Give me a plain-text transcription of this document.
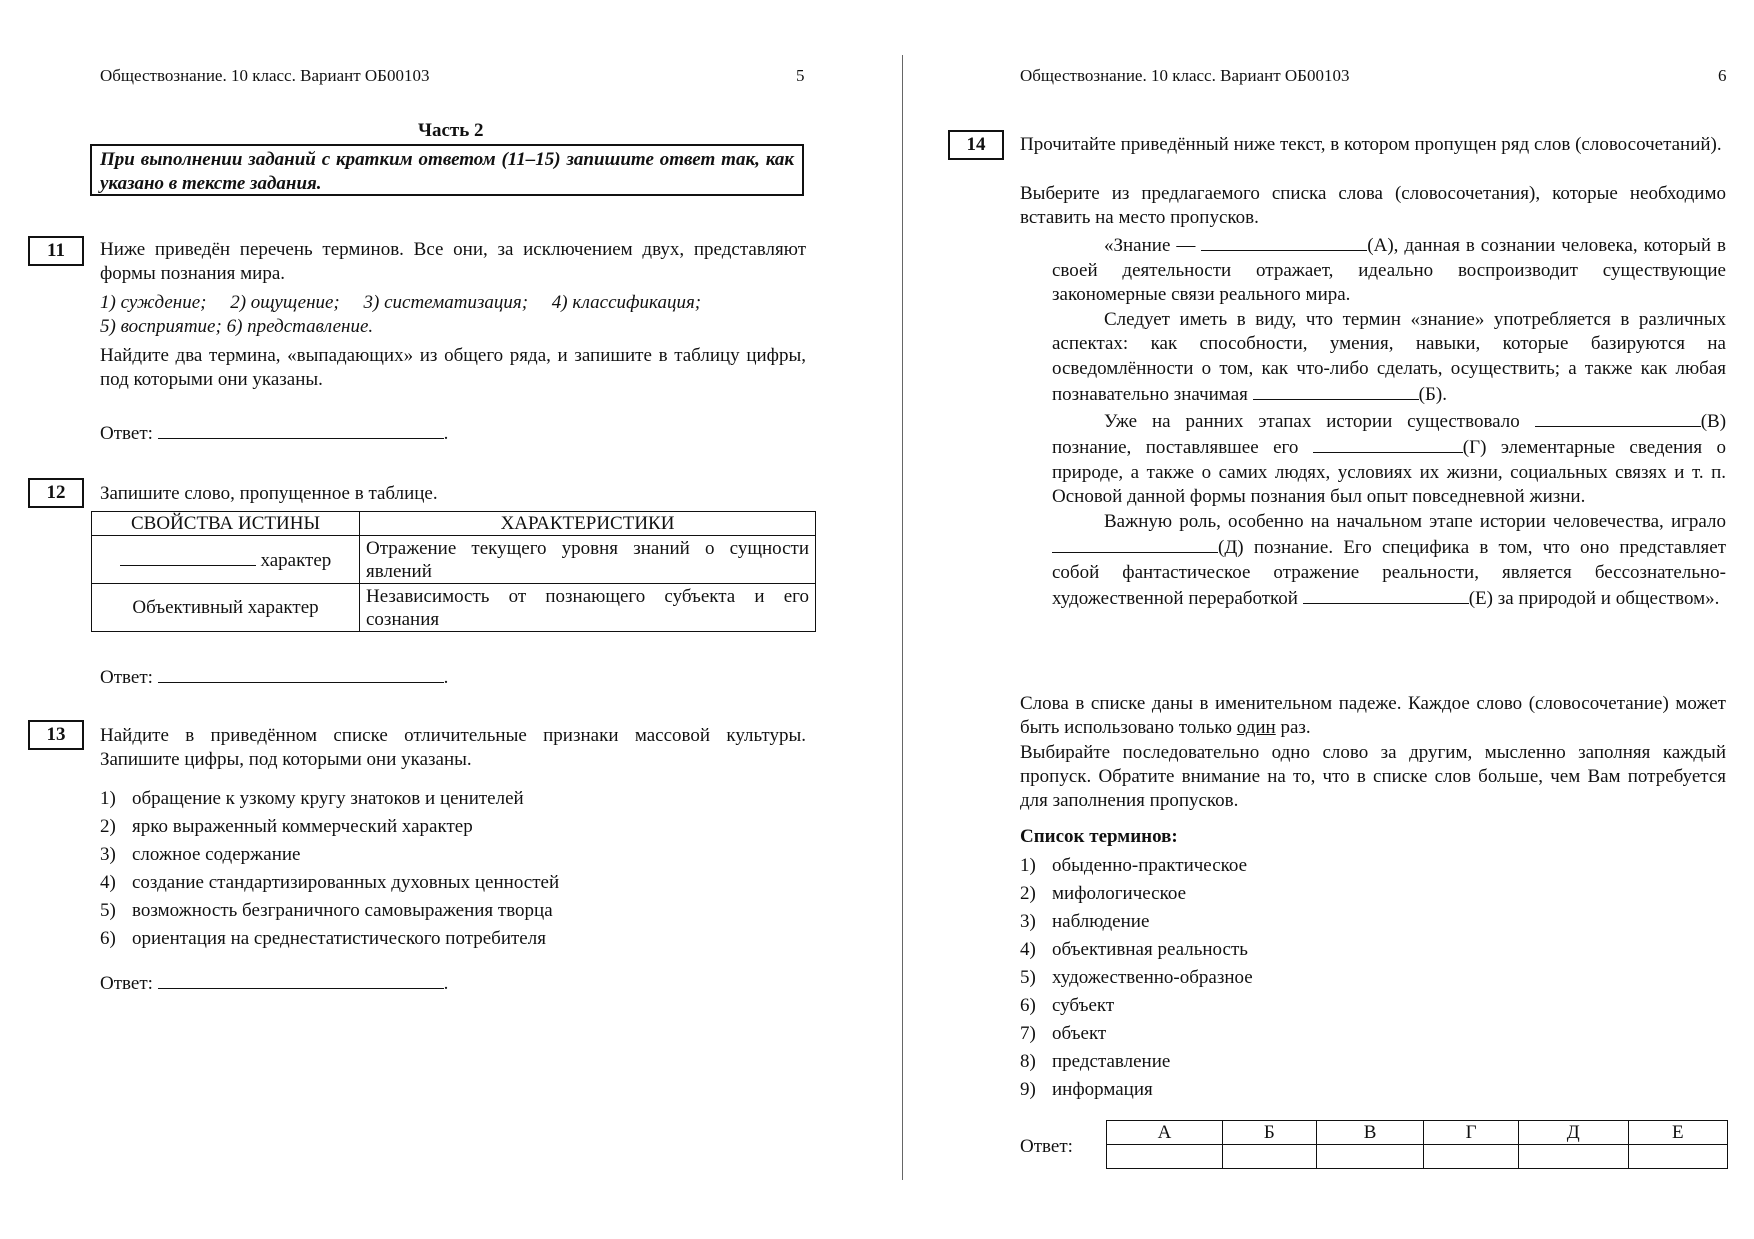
Обществознание. 10 класс. Вариант ОБ00103	5
Часть 2
При выполнении заданий с кратким ответом (11–15) запишите ответ так, как указано в тексте задания.
11	Ниже приведён перечень терминов. Все они, за исключением двух, представляют формы познания мира.
1) суждение;     2) ощущение;     3) систематизация;     4) классификация;
5) восприятие; 6) представление.
Найдите два термина, «выпадающих» из общего ряда, и запишите в таблицу цифры, под которыми они указаны.
Ответ:	.
12	Запишите слово, пропущенное в таблице.
СВОЙСТВА ИСТИНЫ	ХАРАКТЕРИСТИКИ
характер	Отражение текущего уровня знаний о сущности явлений
Объективный характер	Независимость от познающего субъекта и его сознания
Ответ:	.
13	Найдите в приведённом списке отличительные признаки массовой культуры. Запишите цифры, под которыми они указаны.
1) обращение к узкому кругу знатоков и ценителей
2) ярко выраженный коммерческий характер
3) сложное содержание
4) создание стандартизированных духовных ценностей
5) возможность безграничного самовыражения творца
6) ориентация на среднестатистического потребителя
Ответ:	.
Обществознание. 10 класс. Вариант ОБ00103	6
14	Прочитайте приведённый ниже текст, в котором пропущен ряд слов (словосочетаний).
Выберите из предлагаемого списка слова (словосочетания), которые необходимо вставить на место пропусков.
«Знание —	(А), данная в сознании человека, который в своей деятельности отражает, идеально воспроизводит существующие закономерные связи реального мира.
Следует иметь в виду, что термин «знание» употребляется в различных аспектах: как способности, умения, навыки, которые базируются на осведомлённости о том, как что-либо сделать, осуществить; а также как любая познавательно значимая	(Б).
Уже на ранних этапах истории существовало	(В) познание, поставлявшее его	(Г) элементарные сведения о природе, а также о самих людях, условиях их жизни, социальных связях и т. п. Основой данной формы познания был опыт повседневной жизни.
Важную роль, особенно на начальном этапе истории человечества, играло (Д) познание. Его специфика в том, что оно представляет собой фантастическое отражение реальности, является бессознательно-художественной переработкой	(Е) за природой и обществом».
Слова в списке даны в именительном падеже. Каждое слово (словосочетание) может быть использовано только один раз.
Выбирайте последовательно одно слово за другим, мысленно заполняя каждый пропуск. Обратите внимание на то, что в списке слов больше, чем Вам потребуется для заполнения пропусков.
Список терминов:
1) обыденно-практическое
2) мифологическое
3) наблюдение
4) объективная реальность
5) художественно-образное
6) субъект
7) объект
8) представление
9) информация
Ответ:
А	Б	В	Г	Д	Е
